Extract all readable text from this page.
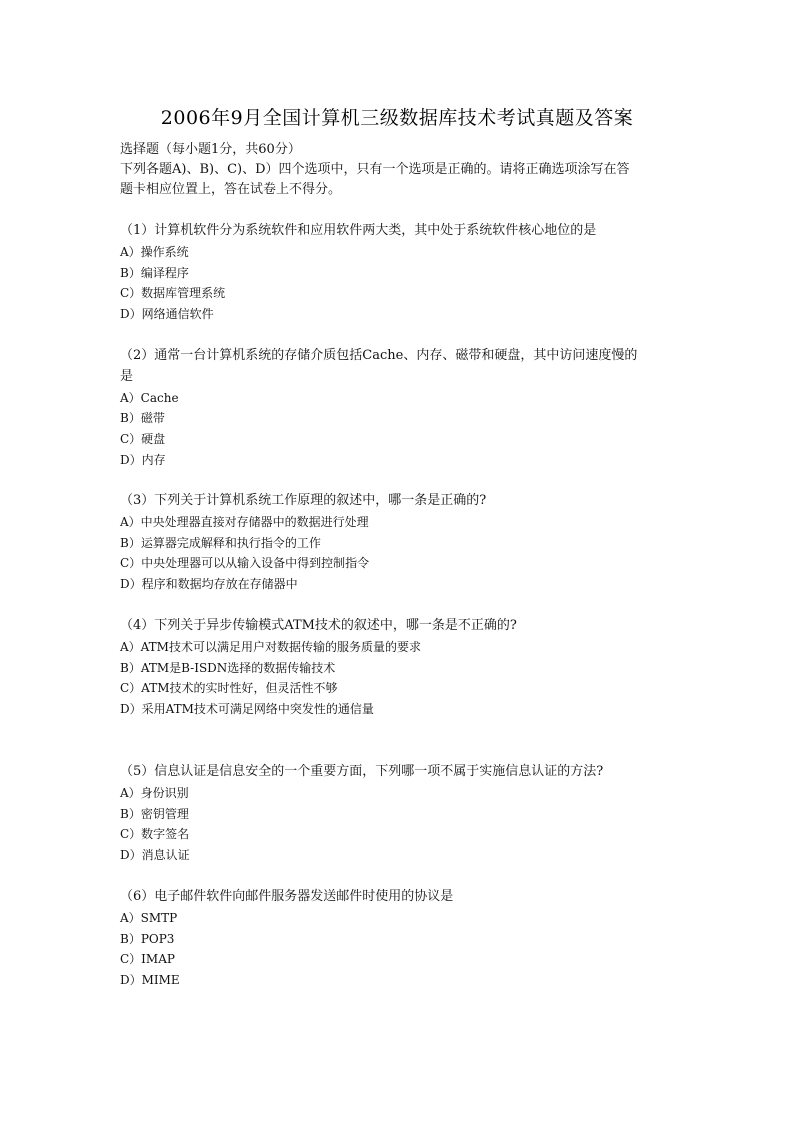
2006年9月全国计算机三级数据库技术考试真题及答案
选择题（每小题1分，共60分）
下列各题A)、B)、C)、D）四个选项中，只有一个选项是正确的。请将正确选项涂写在答
题卡相应位置上，答在试卷上不得分。
（1）计算机软件分为系统软件和应用软件两大类，其中处于系统软件核心地位的是
A）操作系统
B）编译程序
C）数据库管理系统
D）网络通信软件
（2）通常一台计算机系统的存储介质包括Cache、内存、磁带和硬盘，其中访问速度慢的
是
A）Cache
B）磁带
C）硬盘
D）内存
（3）下列关于计算机系统工作原理的叙述中，哪一条是正确的?
A）中央处理器直接对存储器中的数据进行处理
B）运算器完成解释和执行指令的工作
C）中央处理器可以从输入设备中得到控制指令
D）程序和数据均存放在存储器中
（4）下列关于异步传输模式ATM技术的叙述中，哪一条是不正确的?
A）ATM技术可以满足用户对数据传输的服务质量的要求
B）ATM是B-ISDN选择的数据传输技术
C）ATM技术的实时性好，但灵活性不够
D）采用ATM技术可满足网络中突发性的通信量
（5）信息认证是信息安全的一个重要方面，下列哪一项不属于实施信息认证的方法?
A）身份识别
B）密钥管理
C）数字签名
D）消息认证
（6）电子邮件软件向邮件服务器发送邮件时使用的协议是
A）SMTP
B）POP3
C）IMAP
D）MIME
